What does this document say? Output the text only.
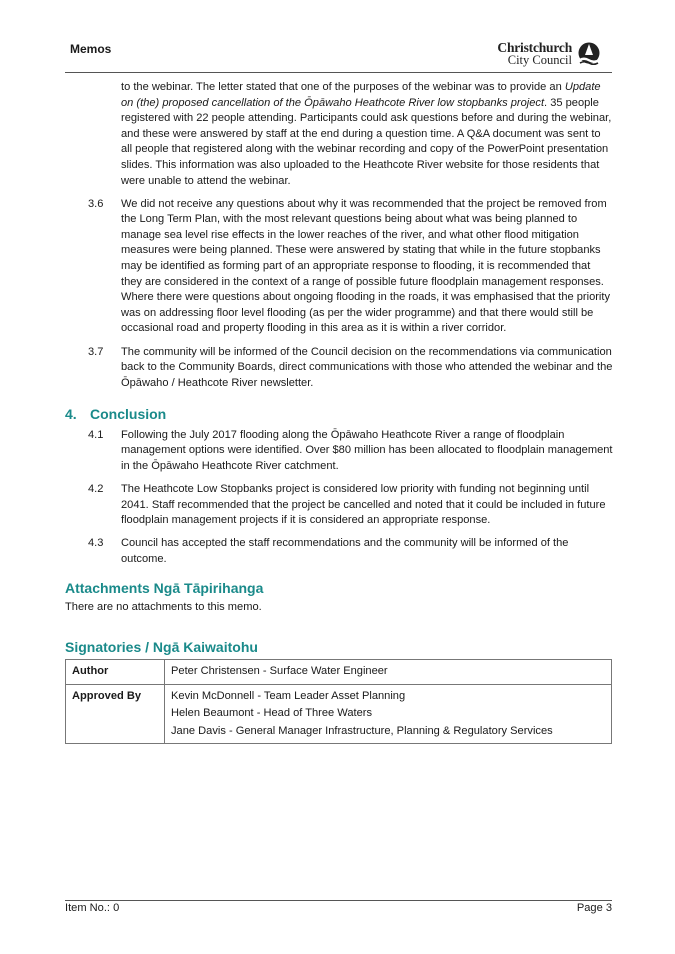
Memos	Christchurch
City Council
to the webinar. The letter stated that one of the purposes of the webinar was to provide an Update on (the) proposed cancellation of the Ōpāwaho Heathcote River low stopbanks project. 35 people registered with 22 people attending. Participants could ask questions before and during the webinar, and these were answered by staff at the end during a question time. A Q&A document was sent to all people that registered along with the webinar recording and copy of the PowerPoint presentation slides. This information was also uploaded to the Heathcote River website for those residents that were unable to attend the webinar.
3.6	We did not receive any questions about why it was recommended that the project be removed from the Long Term Plan, with the most relevant questions being about what was being planned to manage sea level rise effects in the lower reaches of the river, and what other flood mitigation measures were being planned. These were answered by stating that while in the future stopbanks may be identified as forming part of an appropriate response to flooding, it is recommended that they are considered in the context of a range of possible future floodplain management responses. Where there were questions about ongoing flooding in the roads, it was emphasised that the priority was on addressing floor level flooding (as per the wider programme) and that there would still be occasional road and property flooding in this area as it is within a river corridor.
3.7	The community will be informed of the Council decision on the recommendations via communication back to the Community Boards, direct communications with those who attended the webinar and the Ōpāwaho / Heathcote River newsletter.
4. Conclusion
4.1	Following the July 2017 flooding along the Ōpāwaho Heathcote River a range of floodplain management options were identified. Over $80 million has been allocated to floodplain management in the Ōpāwaho Heathcote River catchment.
4.2	The Heathcote Low Stopbanks project is considered low priority with funding not beginning until 2041. Staff recommended that the project be cancelled and noted that it could be included in future floodplain management projects if it is considered an appropriate response.
4.3	Council has accepted the staff recommendations and the community will be informed of the outcome.
Attachments Ngā Tāpirihanga
There are no attachments to this memo.
Signatories / Ngā Kaiwaitohu
Author	Peter Christensen - Surface Water Engineer
Approved By	Kevin McDonnell - Team Leader Asset Planning
Helen Beaumont - Head of Three Waters
Jane Davis - General Manager Infrastructure, Planning & Regulatory Services
Item No.: 0	Page 3
